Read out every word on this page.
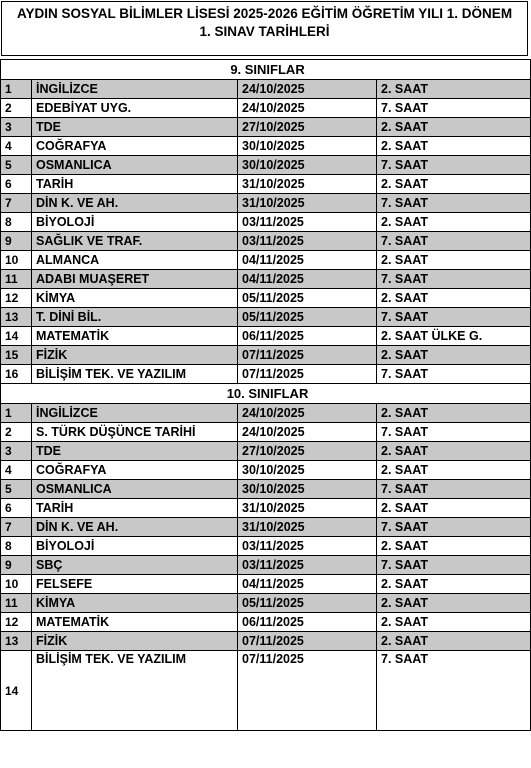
AYDIN SOSYAL BİLİMLER LİSESİ 2025-2026 EĞİTİM ÖĞRETİM YILI 1. DÖNEM
1. SINAV TARİHLERİ
9. SINIFLAR			
1	İNGİLİZCE	24/10/2025	2. SAAT
2	EDEBİYAT UYG.	24/10/2025	7. SAAT
3	TDE	27/10/2025	2. SAAT
4	COĞRAFYA	30/10/2025	2. SAAT
5	OSMANLICA	30/10/2025	7. SAAT
6	TARİH	31/10/2025	2. SAAT
7	DİN K. VE AH.	31/10/2025	7. SAAT
8	BİYOLOJİ	03/11/2025	2. SAAT
9	SAĞLIK VE TRAF.	03/11/2025	7. SAAT
10	ALMANCA	04/11/2025	2. SAAT
11	ADABI MUAŞERET	04/11/2025	7. SAAT
12	KİMYA	05/11/2025	2. SAAT
13	T. DİNİ BİL.	05/11/2025	7. SAAT
14	MATEMATİK	06/11/2025	2. SAAT ÜLKE G.
15	FİZİK	07/11/2025	2. SAAT
16	BİLİŞİM TEK. VE YAZILIM	07/11/2025	7. SAAT
10. SINIFLAR			
1	İNGİLİZCE	24/10/2025	2. SAAT
2	S. TÜRK DÜŞÜNCE TARİHİ	24/10/2025	7. SAAT
3	TDE	27/10/2025	2. SAAT
4	COĞRAFYA	30/10/2025	2. SAAT
5	OSMANLICA	30/10/2025	7. SAAT
6	TARİH	31/10/2025	2. SAAT
7	DİN K. VE AH.	31/10/2025	7. SAAT
8	BİYOLOJİ	03/11/2025	2. SAAT
9	SBÇ	03/11/2025	7. SAAT
10	FELSEFE	04/11/2025	2. SAAT
11	KİMYA	05/11/2025	2. SAAT
12	MATEMATİK	06/11/2025	2. SAAT
13	FİZİK	07/11/2025	2. SAAT
14	BİLİŞİM TEK. VE YAZILIM	07/11/2025	7. SAAT
